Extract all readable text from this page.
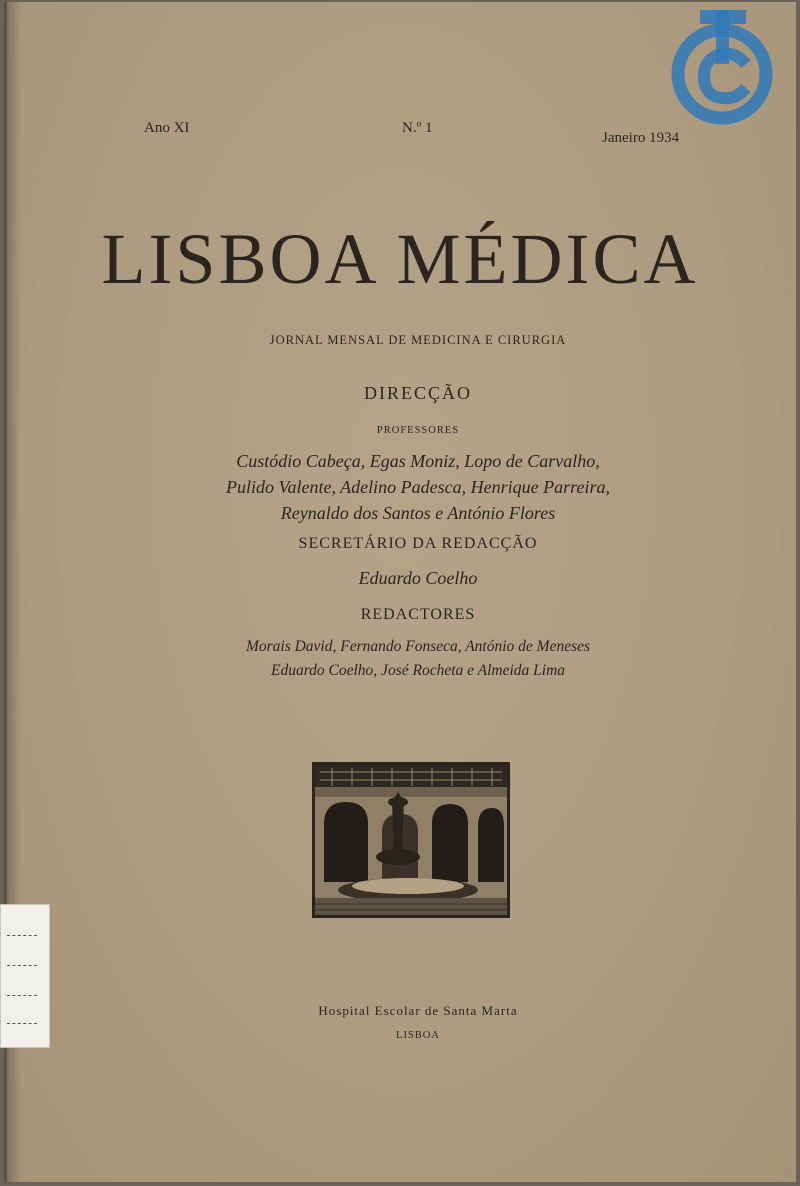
Ano XI	N.º 1
Janeiro 1934
LISBOA MÉDICA
JORNAL MENSAL DE MEDICINA E CIRURGIA
DIRECÇÃO
PROFESSORES
Custódio Cabeça, Egas Moniz, Lopo de Carvalho,
Pulido Valente, Adelino Padesca, Henrique Parreira,
Reynaldo dos Santos e António Flores
SECRETÁRIO DA REDACÇÃO
Eduardo Coelho
REDACTORES
Morais David, Fernando Fonseca, António de Meneses
Eduardo Coelho, José Rocheta e Almeida Lima
Hospital Escolar de Santa Marta
LISBOA
